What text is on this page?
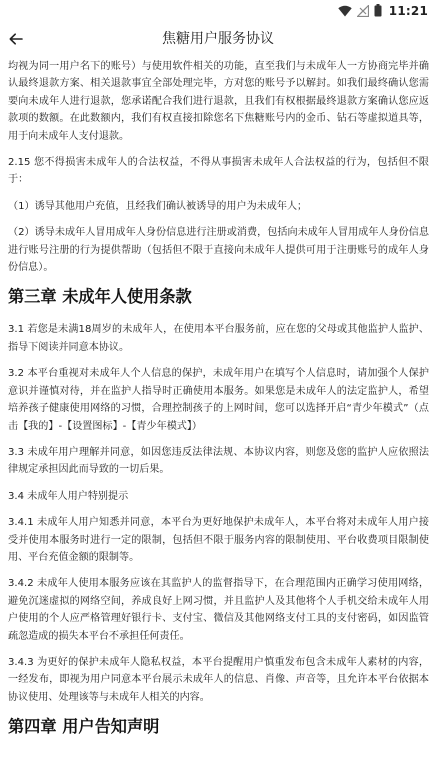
11:21
焦糖用户服务协议

均视为同一用户名下的账号）与使用软件相关的功能，直至我们与未成年人一方协商完毕并确认最终退款方案、相关退款事宜全部处理完毕，方对您的账号予以解封。如我们最终确认您需要向未成年人进行退款，您承诺配合我们进行退款，且我们有权根据最终退款方案确认您应返款项的数额。在此数额内，我们有权直接扣除您名下焦糖账号内的金币、钻石等虚拟道具等，用于向未成年人支付退款。

2.15 您不得损害未成年人的合法权益，不得从事损害未成年人合法权益的行为，包括但不限于：

（1）诱导其他用户充值，且经我们确认被诱导的用户为未成年人；

（2）诱导未成年人冒用成年人身份信息进行注册或消费，包括向未成年人冒用成年人身份信息进行账号注册的行为提供帮助（包括但不限于直接向未成年人提供可用于注册账号的成年人身份信息）。

第三章 未成年人使用条款

3.1 若您是未满18周岁的未成年人，在使用本平台服务前，应在您的父母或其他监护人监护、指导下阅读并同意本协议。

3.2 本平台重视对未成年人个人信息的保护，未成年用户在填写个人信息时，请加强个人保护意识并谨慎对待，并在监护人指导时正确使用本服务。如果您是未成年人的法定监护人，希望培养孩子健康使用网络的习惯，合理控制孩子的上网时间，您可以选择开启“青少年模式”（点击【我的】-【设置图标】-【青少年模式】）

3.3 未成年用户理解并同意，如因您违反法律法规、本协议内容，则您及您的监护人应依照法律规定承担因此而导致的一切后果。

3.4 未成年人用户特别提示

3.4.1 未成年人用户知悉并同意，本平台为更好地保护未成年人，本平台将对未成年人用户接受并使用本服务时进行一定的限制，包括但不限于服务内容的限制使用、平台收费项目限制使用、平台充值金额的限制等。

3.4.2 未成年人使用本服务应该在其监护人的监督指导下，在合理范围内正确学习使用网络，避免沉迷虚拟的网络空间，养成良好上网习惯，并且监护人及其他将个人手机交给未成年人用户使用的个人应严格管理好银行卡、支付宝、微信及其他网络支付工具的支付密码，如因监管疏忽造成的损失本平台不承担任何责任。

3.4.3 为更好的保护未成年人隐私权益，本平台提醒用户慎重发布包含未成年人素材的内容，一经发布，即视为用户同意本平台展示未成年人的信息、肖像、声音等，且允许本平台依据本协议使用、处理该等与未成年人相关的内容。

第四章 用户告知声明
